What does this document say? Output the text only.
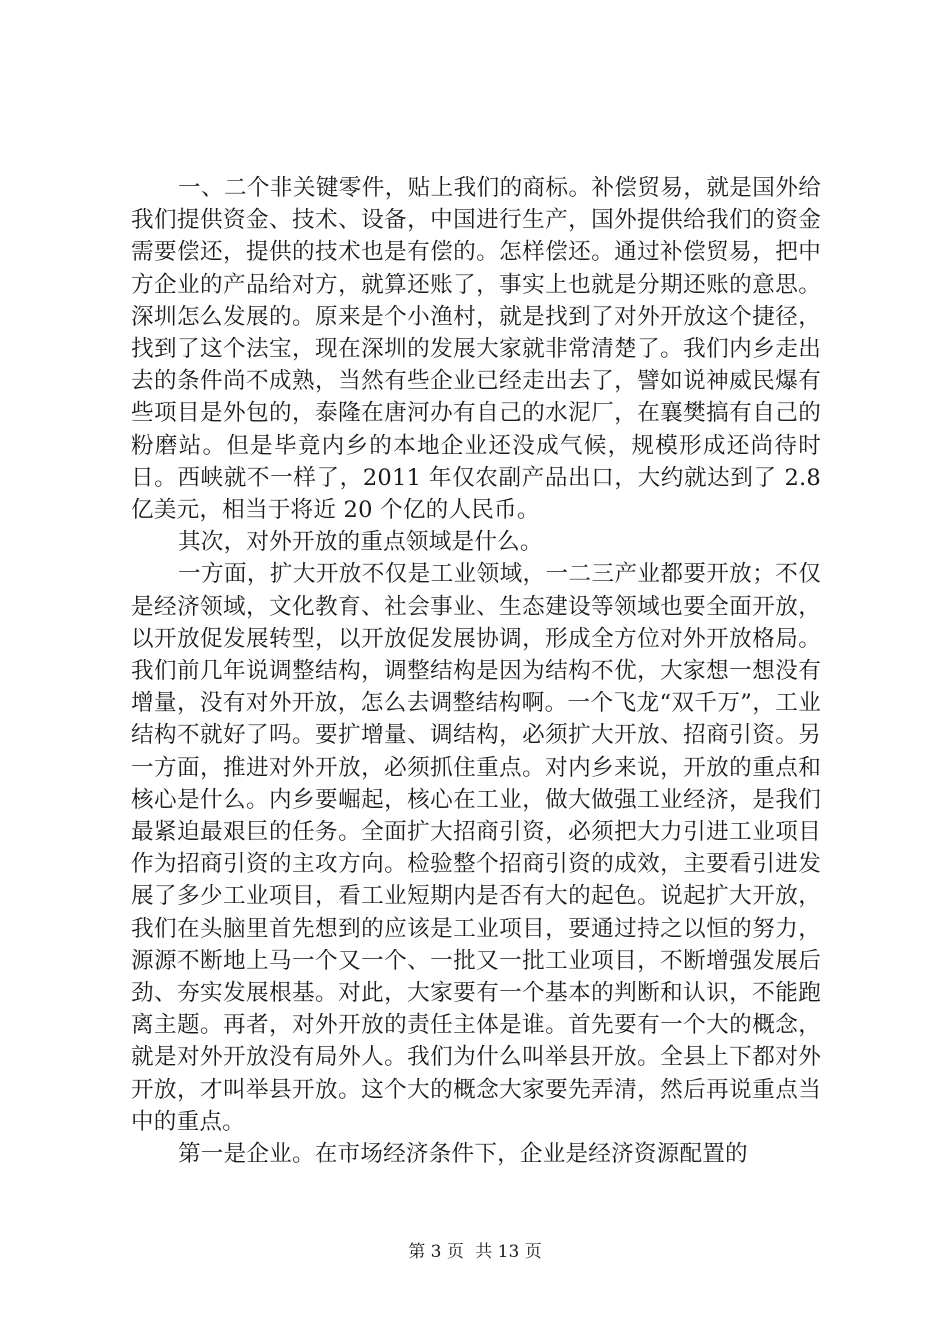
一、二个非关键零件，贴上我们的商标。补偿贸易，就是国外给我们提供资金、技术、设备，中国进行生产，国外提供给我们的资金需要偿还，提供的技术也是有偿的。怎样偿还。通过补偿贸易，把中方企业的产品给对方，就算还账了，事实上也就是分期还账的意思。深圳怎么发展的。原来是个小渔村，就是找到了对外开放这个捷径，找到了这个法宝，现在深圳的发展大家就非常清楚了。我们内乡走出去的条件尚不成熟，当然有些企业已经走出去了，譬如说神威民爆有些项目是外包的，泰隆在唐河办有自己的水泥厂，在襄樊搞有自己的粉磨站。但是毕竟内乡的本地企业还没成气候，规模形成还尚待时日。西峡就不一样了，2011 年仅农副产品出口，大约就达到了 2.8 亿美元，相当于将近 20 个亿的人民币。

其次，对外开放的重点领域是什么。

一方面，扩大开放不仅是工业领域，一二三产业都要开放；不仅是经济领域，文化教育、社会事业、生态建设等领域也要全面开放，以开放促发展转型，以开放促发展协调，形成全方位对外开放格局。我们前几年说调整结构，调整结构是因为结构不优，大家想一想没有增量，没有对外开放，怎么去调整结构啊。一个飞龙“双千万”，工业结构不就好了吗。要扩增量、调结构，必须扩大开放、招商引资。另一方面，推进对外开放，必须抓住重点。对内乡来说，开放的重点和核心是什么。内乡要崛起，核心在工业，做大做强工业经济，是我们最紧迫最艰巨的任务。全面扩大招商引资，必须把大力引进工业项目作为招商引资的主攻方向。检验整个招商引资的成效，主要看引进发展了多少工业项目，看工业短期内是否有大的起色。说起扩大开放，我们在头脑里首先想到的应该是工业项目，要通过持之以恒的努力，源源不断地上马一个又一个、一批又一批工业项目，不断增强发展后劲、夯实发展根基。对此，大家要有一个基本的判断和认识，不能跑离主题。再者，对外开放的责任主体是谁。首先要有一个大的概念，就是对外开放没有局外人。我们为什么叫举县开放。全县上下都对外开放，才叫举县开放。这个大的概念大家要先弄清，然后再说重点当中的重点。

第一是企业。在市场经济条件下，企业是经济资源配置的

第 3 页 共 13 页
